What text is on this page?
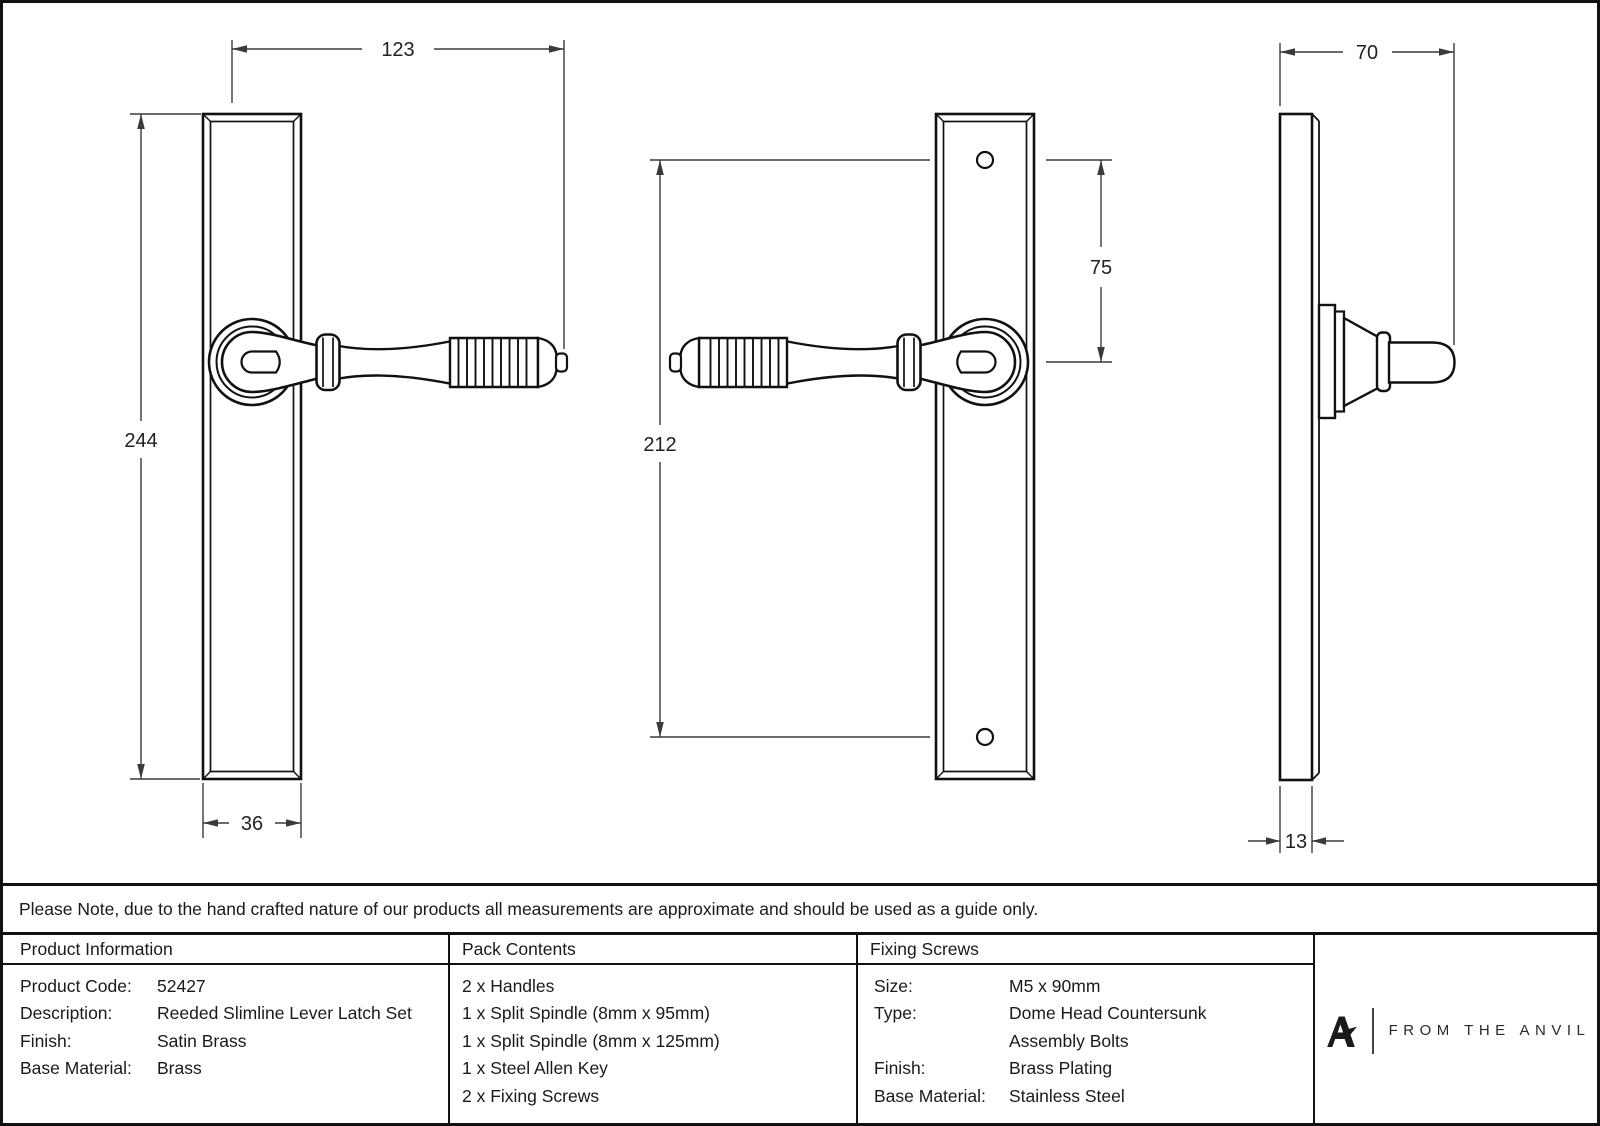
123
244
36
212
75
70
13
Please Note, due to the hand crafted nature of our products all measurements are approximate and should be used as a guide only.
Product Information
Product Code:	52427
Description:	Reeded Slimline Lever Latch Set
Finish:	Satin Brass
Base Material:	Brass
Pack Contents
2 x Handles
1 x Split Spindle (8mm x 95mm)
1 x Split Spindle (8mm x 125mm)
1 x Steel Allen Key
2 x Fixing Screws
Fixing Screws
Size:	M5 x 90mm
Type:	Dome Head Countersunk
Assembly Bolts
Finish:	Brass Plating
Base Material:	Stainless Steel
FROM THE ANVIL
